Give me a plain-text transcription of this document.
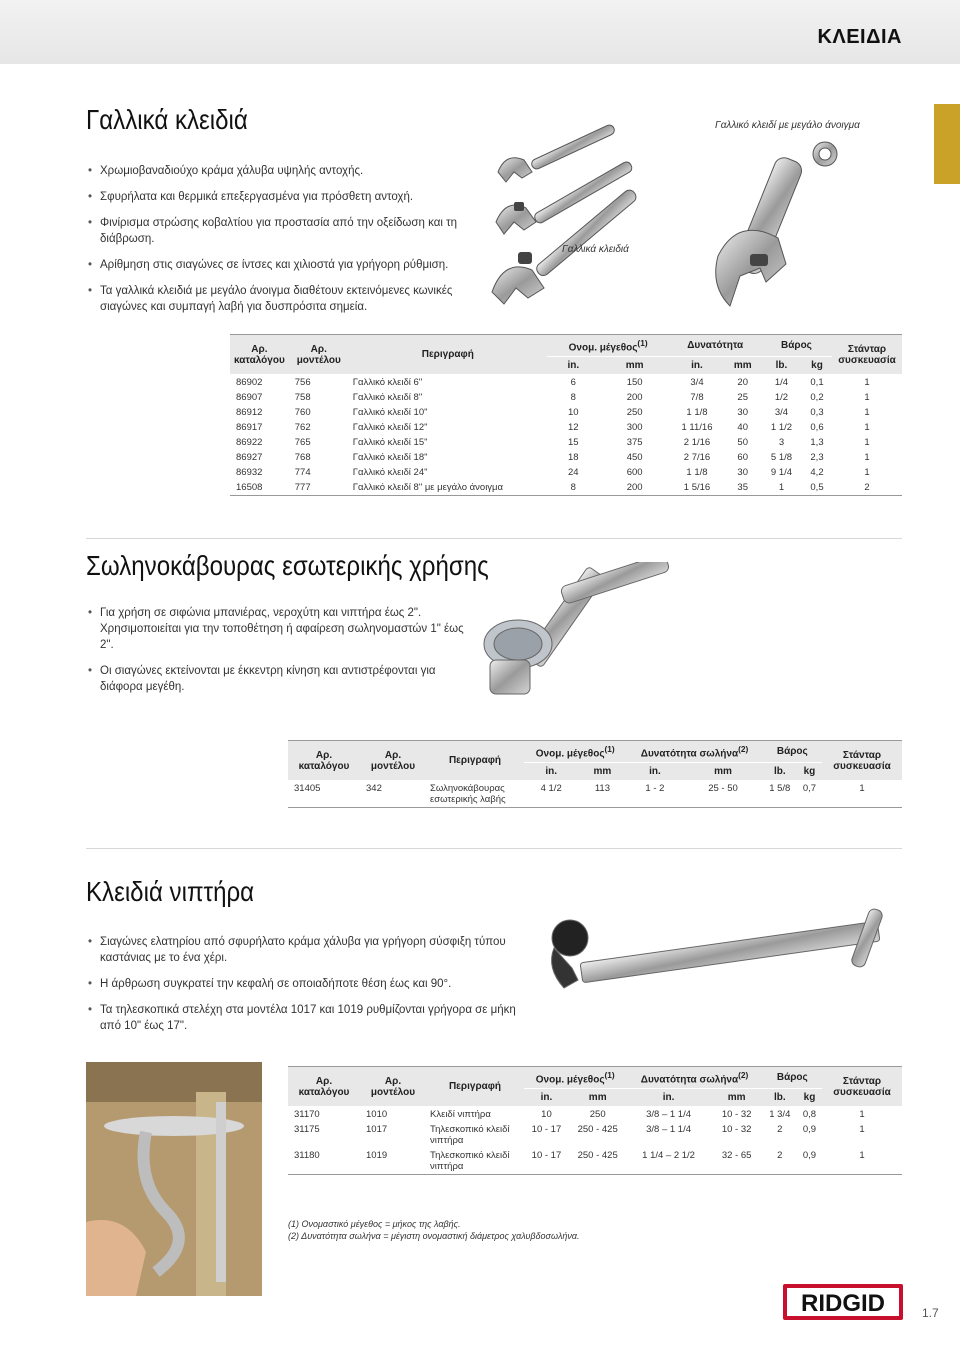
ΚΛΕΙΔΙΑ
Γαλλικά κλειδιά
• Χρωμιοβαναδιούχο κράμα χάλυβα υψηλής αντοχής.
• Σφυρήλατα και θερμικά επεξεργασμένα για πρόσθετη αντοχή.
• Φινίρισμα στρώσης κοβαλτίου για προστασία από την οξείδωση και τη διάβρωση.
• Αρίθμηση στις σιαγώνες σε ίντσες και χιλιοστά για γρήγορη ρύθμιση.
• Τα γαλλικά κλειδιά με μεγάλο άνοιγμα διαθέτουν εκτεινόμενες κωνικές σιαγώνες και συμπαγή λαβή για δυσπρόσιτα σημεία.
Γαλλικά κλειδιά
Γαλλικό κλειδί με μεγάλο άνοιγμα
Αρ. καταλόγου	Αρ. μοντέλου	Περιγραφή	Ονομ. μέγεθος$^{(1)}$		Δυνατότητα		Βάρος		Στάνταρ συσκευασία
			in.	mm	in.	mm	lb.	kg	
86902	756	Γαλλικό κλειδί 6"	6	150	3/4	20	1/4	0,1	1
86907	758	Γαλλικό κλειδί 8"	8	200	7/8	25	1/2	0,2	1
86912	760	Γαλλικό κλειδί 10"	10	250	1 1/8	30	3/4	0,3	1
86917	762	Γαλλικό κλειδί 12"	12	300	1 11/16	40	1 1/2	0,6	1
86922	765	Γαλλικό κλειδί 15"	15	375	2 1/16	50	3	1,3	1
86927	768	Γαλλικό κλειδί 18"	18	450	2 7/16	60	5 1/8	2,3	1
86932	774	Γαλλικό κλειδί 24"	24	600	1 1/8	30	9 1/4	4,2	1
16508	777	Γαλλικό κλειδί 8" με μεγάλο άνοιγμα	8	200	1 5/16	35	1	0,5	2
Σωληνοκάβουρας εσωτερικής χρήσης
• Για χρήση σε σιφώνια μπανιέρας, νεροχύτη και νιπτήρα έως 2". Χρησιμοποιείται για την τοποθέτηση ή αφαίρεση σωληνομαστών 1" έως 2".
• Οι σιαγώνες εκτείνονται με έκκεντρη κίνηση και αντιστρέφονται για διάφορα μεγέθη.
Αρ. καταλόγου	Αρ. μοντέλου	Περιγραφή	Ονομ. μέγεθος$^{(1)}$		Δυνατότητα σωλήνα$^{(2)}$		Βάρος		Στάνταρ συσκευασία
			in.	mm	in.	mm	lb.	kg	
31405	342	Σωληνοκάβουρας εσωτερικής λαβής	4 1/2	113	1 - 2	25 - 50	1 5/8	0,7	1
Κλειδιά νιπτήρα
• Σιαγώνες ελατηρίου από σφυρήλατο κράμα χάλυβα για γρήγορη σύσφιξη τύπου καστάνιας με το ένα χέρι.
• Η άρθρωση συγκρατεί την κεφαλή σε οποιαδήποτε θέση έως και 90°.
• Τα τηλεσκοπικά στελέχη στα μοντέλα 1017 και 1019 ρυθμίζονται γρήγορα σε μήκη από 10" έως 17".
Αρ. καταλόγου	Αρ. μοντέλου	Περιγραφή	Ονομ. μέγεθος$^{(1)}$		Δυνατότητα σωλήνα$^{(2)}$		Βάρος		Στάνταρ συσκευασία
			in.	mm	in.	mm	lb.	kg	
31170	1010	Κλειδί νιπτήρα	10	250	3/8 – 1 1/4	10 - 32	1 3/4	0,8	1
31175	1017	Τηλεσκοπικό κλειδί νιπτήρα	10 - 17	250 - 425	3/8 – 1 1/4	10 - 32	2	0,9	1
31180	1019	Τηλεσκοπικό κλειδί νιπτήρα	10 - 17	250 - 425	1 1/4 – 2 1/2	32 - 65	2	0,9	1
(1) Ονομαστικό μέγεθος = μήκος της λαβής.
(2) Δυνατότητα σωλήνα = μέγιστη ονομαστική διάμετρος χαλυβδοσωλήνα.
RIDGID	1.7
